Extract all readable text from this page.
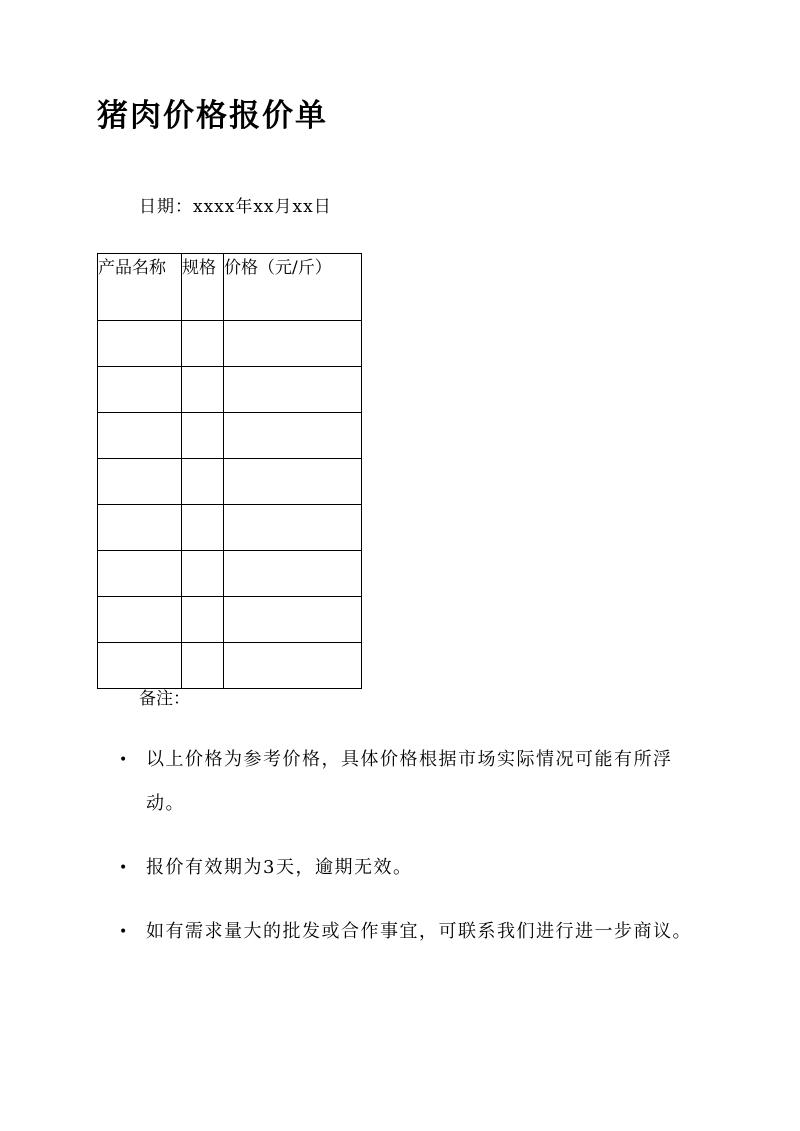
猪肉价格报价单
日期：xxxx年xx月xx日
产品名称	规格	价格（元/斤）

备注：
• 以上价格为参考价格，具体价格根据市场实际情况可能有所浮动。
• 报价有效期为3天，逾期无效。
• 如有需求量大的批发或合作事宜，可联系我们进行进一步商议。
